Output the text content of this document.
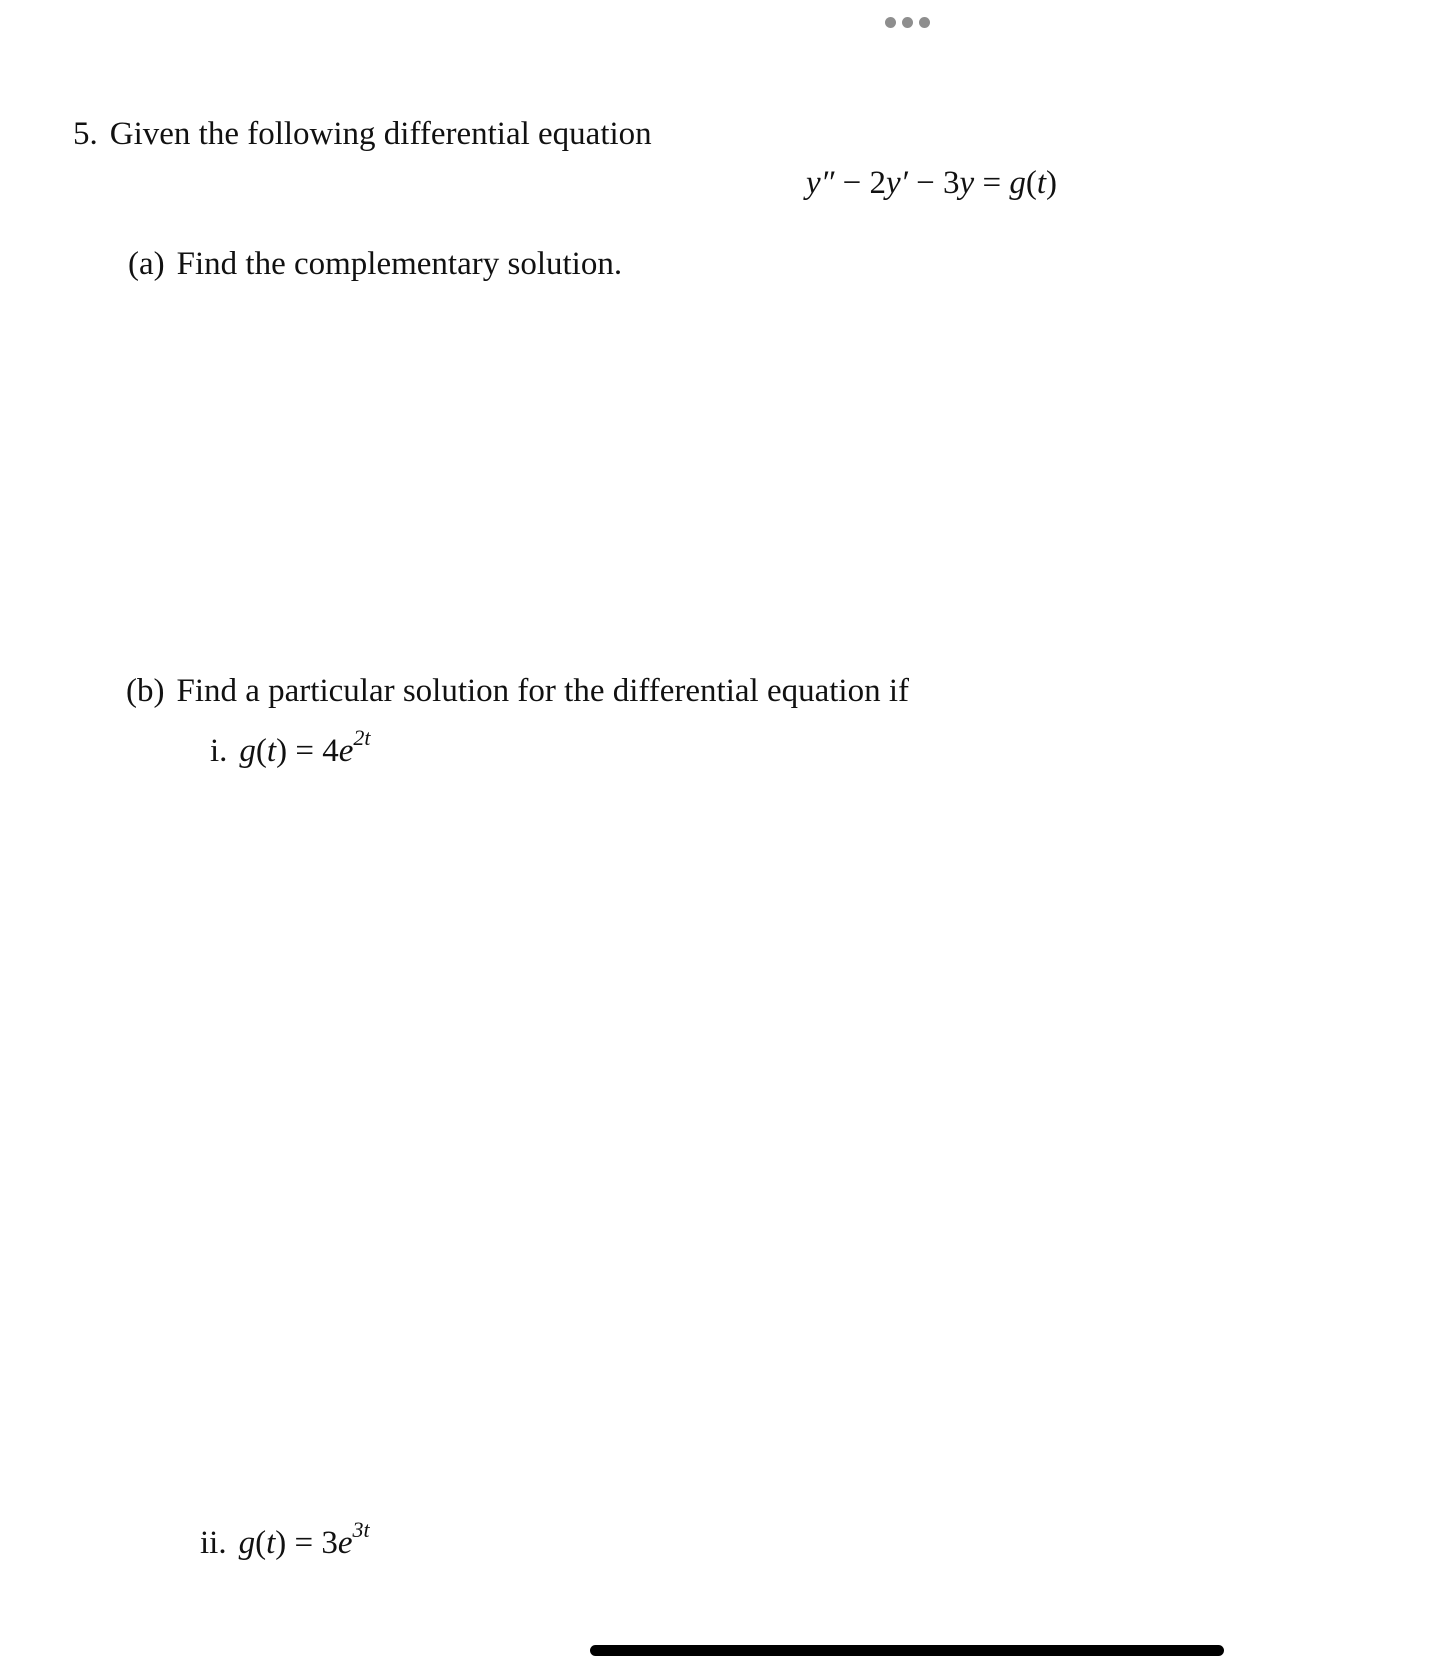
5. Given the following differential equation
y″ − 2y′ − 3y = g(t)
(a) Find the complementary solution.
(b) Find a particular solution for the differential equation if
i. $g(t) = 4e^{2t}$
ii. $g(t) = 3e^{3t}$
